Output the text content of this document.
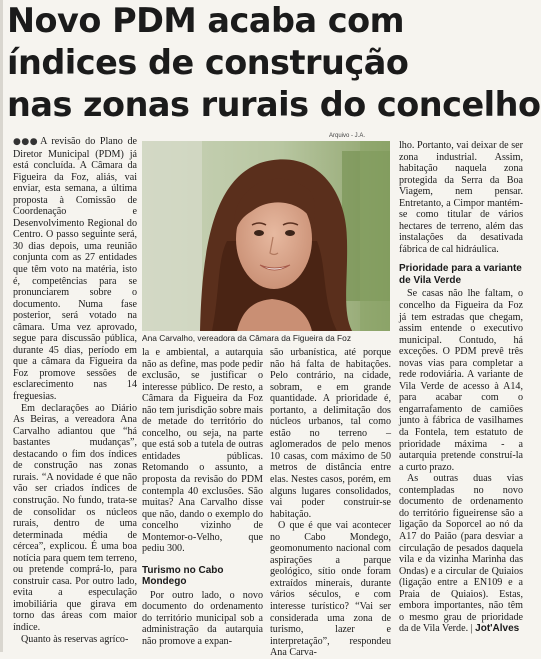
Novo PDM acaba com
índices de construção
nas zonas rurais do concelho

●●● A revisão do Plano de Diretor Municipal (PDM) já está concluída. A Câmara da Figueira da Foz, aliás, vai enviar, esta semana, a última proposta à Comissão de Coordenação e Desenvolvimento Regional do Centro. O passo seguinte será, 30 dias depois, uma reunião conjunta com as 27 entidades que têm voto na matéria, isto é, competências para se pronunciarem sobre o documento. Numa fase posterior, será votado na câmara. Uma vez aprovado, segue para discussão pública, durante 45 dias, período em que a câmara da Figueira da Foz promove sessões de esclarecimento nas 14 freguesias.

Em declarações ao Diário As Beiras, a vereadora Ana Carvalho adiantou que “há bastantes mudanças”, destacando o fim dos índices de construção nas zonas rurais. “A novidade é que não vão ser criados índices de construção. No fundo, trata-se de consolidar os núcleos rurais, dentro de uma determinada média de cércea”, explicou. É uma boa notícia para quem tem terreno, ou pretende comprá-lo, para construir casa. Por outro lado, evita a especulação imobiliária que girava em torno das áreas com maior índice.

Quanto às reservas agríco-

Arquivo - J.A.
Ana Carvalho, vereadora da Câmara da Figueira da Foz

la e ambiental, a autarquia não as define, mas pode pedir exclusão, se justificar o interesse público. De resto, a Câmara da Figueira da Foz não tem jurisdição sobre mais de metade do território do concelho, ou seja, na parte que está sob a tutela de outras entidades públicas. Retomando o assunto, a proposta da revisão do PDM contempla 40 exclusões. São muitas? Ana Carvalho disse que não, dando o exemplo do concelho vizinho de Montemor-o-Velho, que pediu 300.

Turismo no Cabo Mondego

Por outro lado, o novo documento do ordenamento do território municipal sob a administração da autarquia não promove a expan-

são urbanística, até porque não há falta de habitações. Pelo contrário, na cidade, sobram, e em grande quantidade. A prioridade é, portanto, a delimitação dos núcleos urbanos, tal como estão no terreno – aglomerados de pelo menos 10 casas, com máximo de 50 metros de distância entre elas. Nestes casos, porém, em alguns lugares consolidados, vai poder construir-se habitação.

O que é que vai acontecer no Cabo Mondego, geomonumento nacional com aspirações a parque geológico, sítio onde foram extraídos minerais, durante vários séculos, e com interesse turístico? “Vai ser considerada uma zona de turismo, lazer e interpretação”, respondeu Ana Carva-

lho. Portanto, vai deixar de ser zona industrial. Assim, habitação naquela zona protegida da Serra da Boa Viagem, nem pensar. Entretanto, a Cimpor mantém-se como titular de vários hectares de terreno, além das instalações da desativada fábrica de cal hidráulica.

Prioridade para a variante de Vila Verde

Se casas não lhe faltam, o concelho da Figueira da Foz já tem estradas que chegam, assim entende o executivo municipal. Contudo, há exceções. O PDM prevê três novas vias para completar a rede rodoviária. A variante de Vila Verde de acesso à A14, para acabar com o engarrafamento de camiões junto à fábrica de vasilhames da Fontela, tem estatuto de prioridade máxima - a autarquia pretende construí-la a curto prazo.

As outras duas vias contempladas no novo documento de ordenamento do território figueirense são a ligação da Soporcel ao nó da A17 do Paião (para desviar a circulação de pesados daquela vila e da vizinha Marinha das Ondas) e a circular de Quiaios (ligação entre a EN109 e a Praia de Quiaios). Estas, embora importantes, não têm o mesmo grau de prioridade da de Vila Verde. | Jot'Alves
